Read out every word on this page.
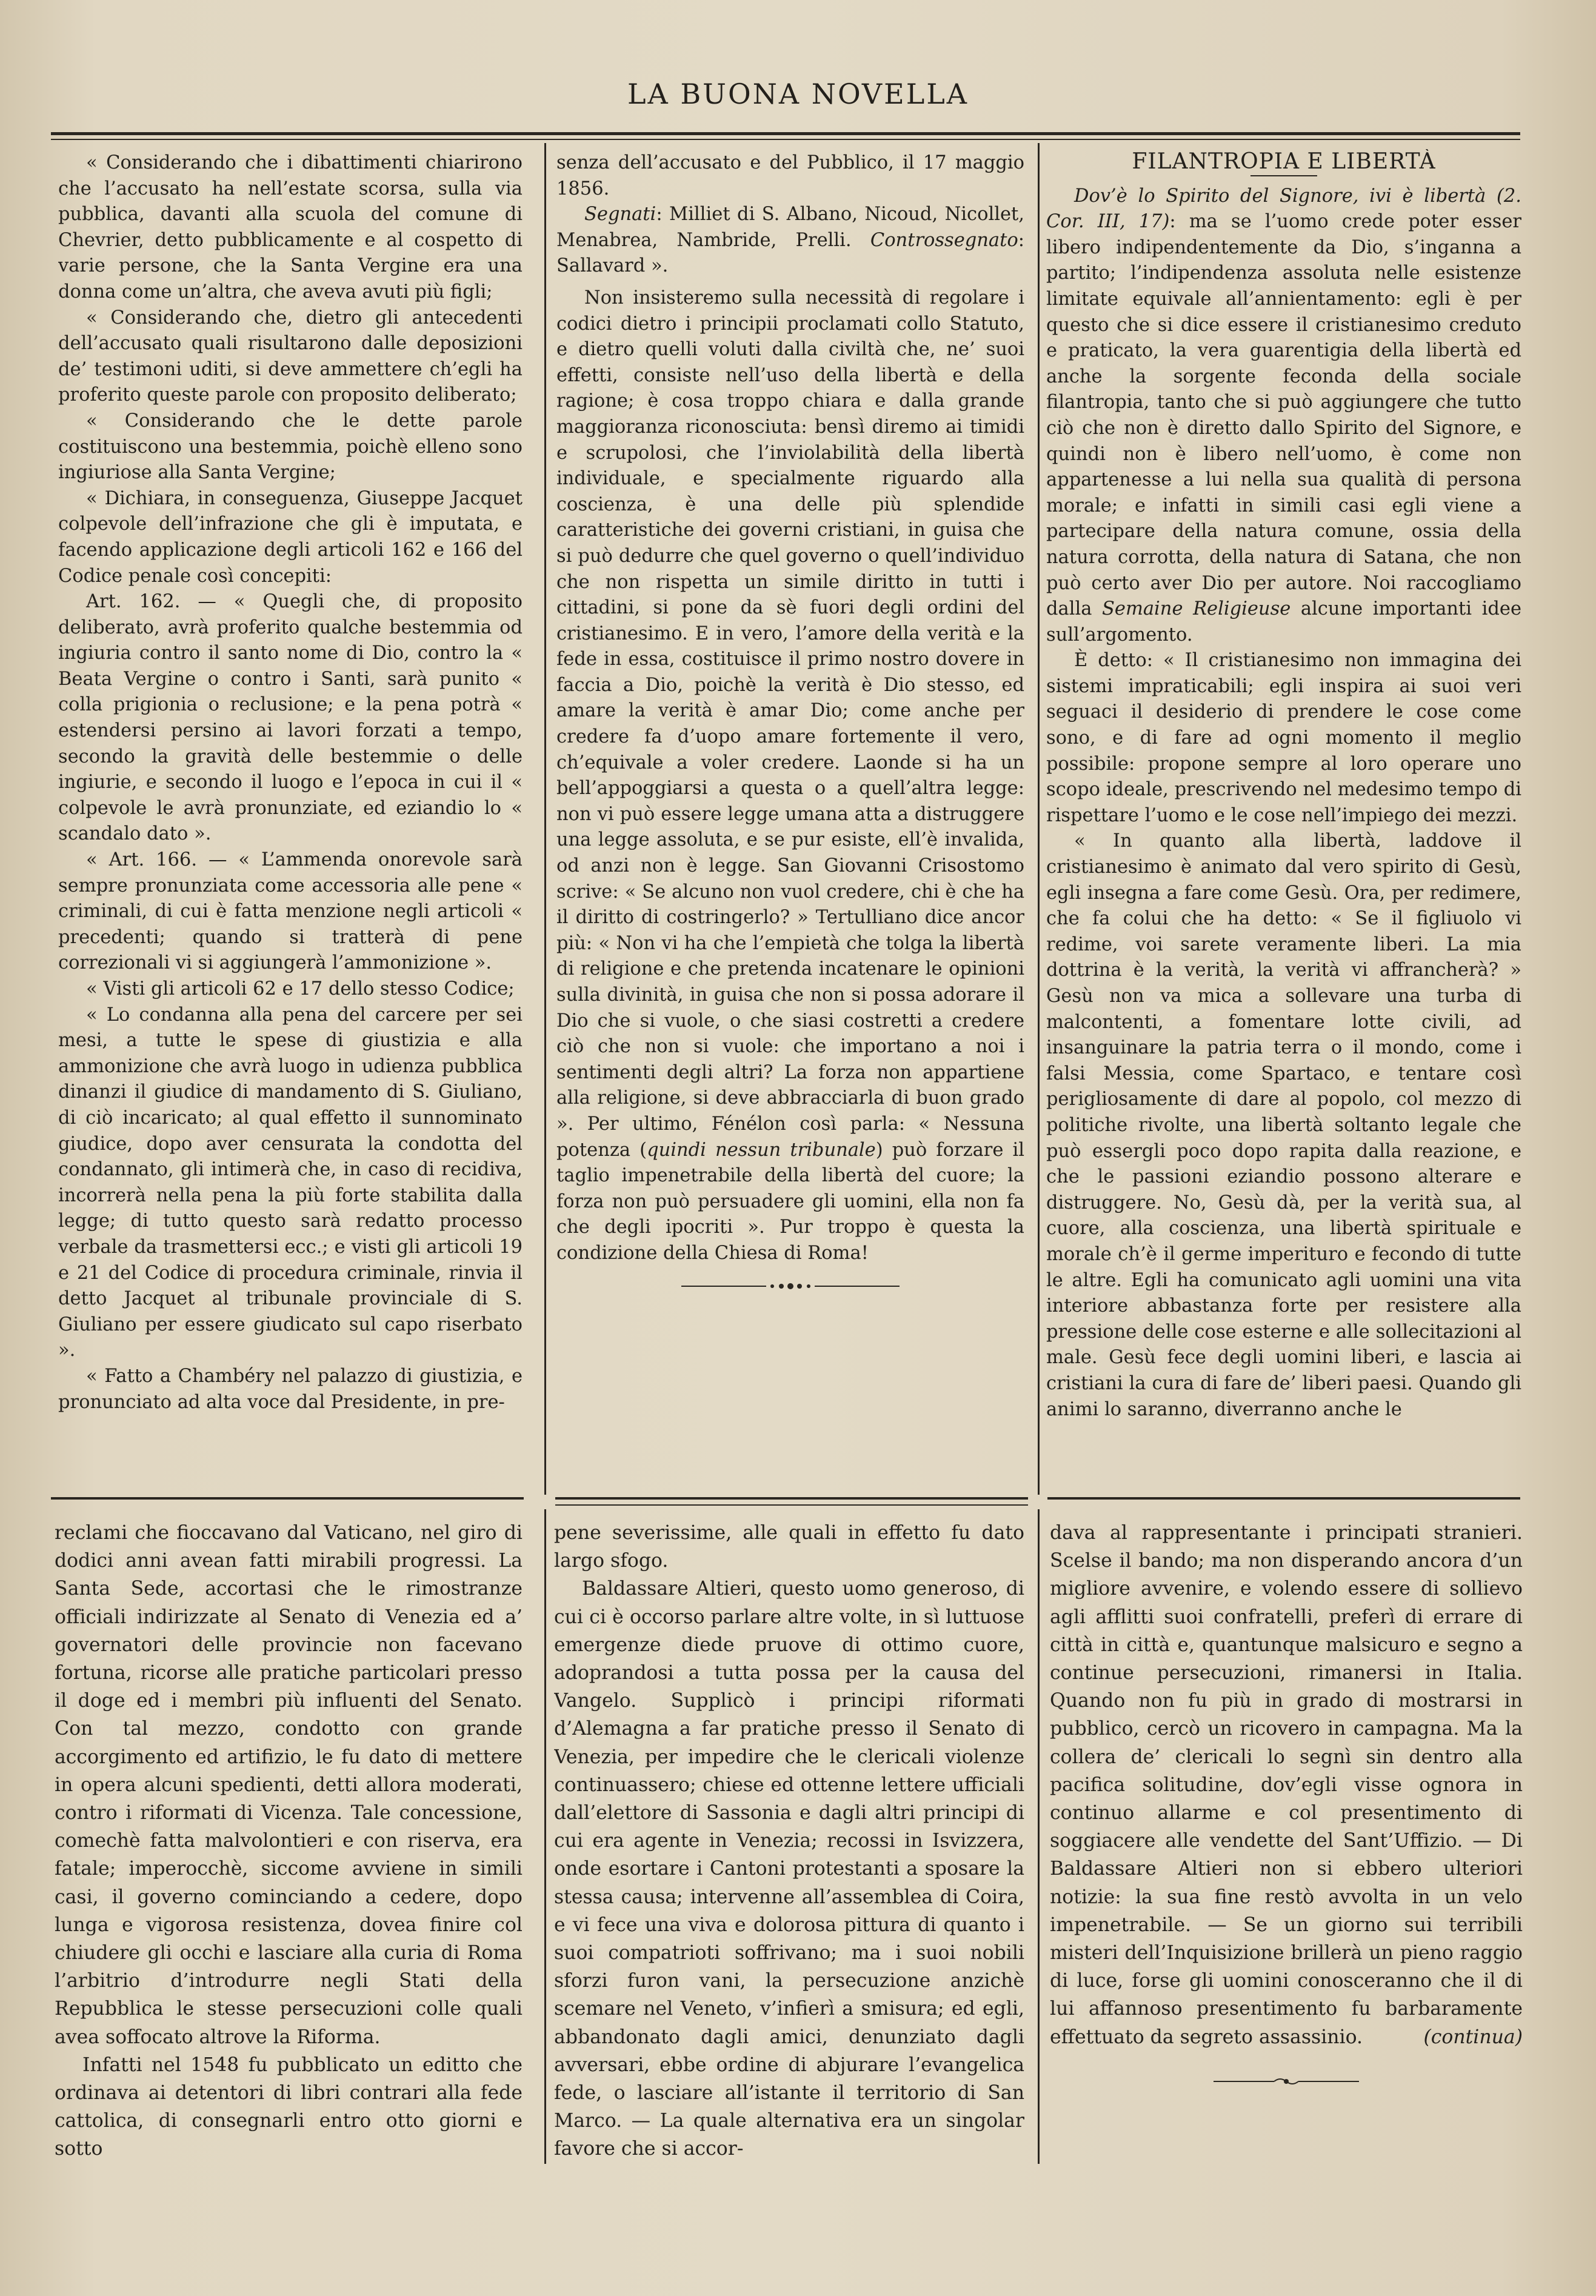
LA BUONA NOVELLA

« Considerando che i dibattimenti chiarirono che l’accusato ha nell’estate scorsa, sulla via pubblica, davanti alla scuola del comune di Chevrier, detto pubblicamente e al cospetto di varie persone, che la Santa Vergine era una donna come un’altra, che aveva avuti più figli;

« Considerando che, dietro gli antecedenti dell’accusato quali risultarono dalle deposizioni de’ testimoni uditi, si deve ammettere ch’egli ha proferito queste parole con proposito deliberato;

« Considerando che le dette parole costituiscono una bestemmia, poichè elleno sono ingiuriose alla Santa Vergine;

« Dichiara, in conseguenza, Giuseppe Jacquet colpevole dell’infrazione che gli è imputata, e facendo applicazione degli articoli 162 e 166 del Codice penale così concepiti:

Art. 162. — « Quegli che, di proposito deliberato, avrà proferito qualche bestemmia od ingiuria contro il santo nome di Dio, contro la « Beata Vergine o contro i Santi, sarà punito « colla prigionia o reclusione; e la pena potrà « estendersi persino ai lavori forzati a tempo, secondo la gravità delle bestemmie o delle ingiurie, e secondo il luogo e l’epoca in cui il « colpevole le avrà pronunziate, ed eziandio lo « scandalo dato ».

« Art. 166. — « L’ammenda onorevole sarà sempre pronunziata come accessoria alle pene « criminali, di cui è fatta menzione negli articoli « precedenti; quando si tratterà di pene correzionali vi si aggiungerà l’ammonizione ».

« Visti gli articoli 62 e 17 dello stesso Codice;

« Lo condanna alla pena del carcere per sei mesi, a tutte le spese di giustizia e alla ammonizione che avrà luogo in udienza pubblica dinanzi il giudice di mandamento di S. Giuliano, di ciò incaricato; al qual effetto il sunnominato giudice, dopo aver censurata la condotta del condannato, gli intimerà che, in caso di recidiva, incorrerà nella pena la più forte stabilita dalla legge; di tutto questo sarà redatto processo verbale da trasmettersi ecc.; e visti gli articoli 19 e 21 del Codice di procedura criminale, rinvia il detto Jacquet al tribunale provinciale di S. Giuliano per essere giudicato sul capo riserbato ».

« Fatto a Chambéry nel palazzo di giustizia, e pronunciato ad alta voce dal Presidente, in pre-

senza dell’accusato e del Pubblico, il 17 maggio 1856.

Segnati: Milliet di S. Albano, Nicoud, Nicollet, Menabrea, Nambride, Prelli. Controssegnato: Sallavard ».

Non insisteremo sulla necessità di regolare i codici dietro i principii proclamati collo Statuto, e dietro quelli voluti dalla civiltà che, ne’ suoi effetti, consiste nell’uso della libertà e della ragione; è cosa troppo chiara e dalla grande maggioranza riconosciuta: bensì diremo ai timidi e scrupolosi, che l’inviolabilità della libertà individuale, e specialmente riguardo alla coscienza, è una delle più splendide caratteristiche dei governi cristiani, in guisa che si può dedurre che quel governo o quell’individuo che non rispetta un simile diritto in tutti i cittadini, si pone da sè fuori degli ordini del cristianesimo. E in vero, l’amore della verità e la fede in essa, costituisce il primo nostro dovere in faccia a Dio, poichè la verità è Dio stesso, ed amare la verità è amar Dio; come anche per credere fa d’uopo amare fortemente il vero, ch’equivale a voler credere. Laonde si ha un bell’appoggiarsi a questa o a quell’altra legge: non vi può essere legge umana atta a distruggere una legge assoluta, e se pur esiste, ell’è invalida, od anzi non è legge. San Giovanni Crisostomo scrive: « Se alcuno non vuol credere, chi è che ha il diritto di costringerlo? » Tertulliano dice ancor più: « Non vi ha che l’empietà che tolga la libertà di religione e che pretenda incatenare le opinioni sulla divinità, in guisa che non si possa adorare il Dio che si vuole, o che siasi costretti a credere ciò che non si vuole: che importano a noi i sentimenti degli altri? La forza non appartiene alla religione, si deve abbracciarla di buon grado ». Per ultimo, Fénélon così parla: « Nessuna potenza (quindi nessun tribunale) può forzare il taglio impenetrabile della libertà del cuore; la forza non può persuadere gli uomini, ella non fa che degli ipocriti ». Pur troppo è questa la condizione della Chiesa di Roma!

FILANTROPIA E LIBERTÀ

Dov’è lo Spirito del Signore, ivi è libertà (2. Cor. III, 17): ma se l’uomo crede poter esser libero indipendentemente da Dio, s’inganna a partito; l’indipendenza assoluta nelle esistenze limitate equivale all’annientamento: egli è per questo che si dice essere il cristianesimo creduto e praticato, la vera guarentigia della libertà ed anche la sorgente feconda della sociale filantropia, tanto che si può aggiungere che tutto ciò che non è diretto dallo Spirito del Signore, e quindi non è libero nell’uomo, è come non appartenesse a lui nella sua qualità di persona morale; e infatti in simili casi egli viene a partecipare della natura comune, ossia della natura corrotta, della natura di Satana, che non può certo aver Dio per autore. Noi raccogliamo dalla Semaine Religieuse alcune importanti idee sull’argomento.

È detto: « Il cristianesimo non immagina dei sistemi impraticabili; egli inspira ai suoi veri seguaci il desiderio di prendere le cose come sono, e di fare ad ogni momento il meglio possibile: propone sempre al loro operare uno scopo ideale, prescrivendo nel medesimo tempo di rispettare l’uomo e le cose nell’impiego dei mezzi.

« In quanto alla libertà, laddove il cristianesimo è animato dal vero spirito di Gesù, egli insegna a fare come Gesù. Ora, per redimere, che fa colui che ha detto: « Se il figliuolo vi redime, voi sarete veramente liberi. La mia dottrina è la verità, la verità vi affrancherà? » Gesù non va mica a sollevare una turba di malcontenti, a fomentare lotte civili, ad insanguinare la patria terra o il mondo, come i falsi Messia, come Spartaco, e tentare così perigliosamente di dare al popolo, col mezzo di politiche rivolte, una libertà soltanto legale che può essergli poco dopo rapita dalla reazione, e che le passioni eziandio possono alterare e distruggere. No, Gesù dà, per la verità sua, al cuore, alla coscienza, una libertà spirituale e morale ch’è il germe imperituro e fecondo di tutte le altre. Egli ha comunicato agli uomini una vita interiore abbastanza forte per resistere alla pressione delle cose esterne e alle sollecitazioni al male. Gesù fece degli uomini liberi, e lascia ai cristiani la cura di fare de’ liberi paesi. Quando gli animi lo saranno, diverranno anche le

reclami che fioccavano dal Vaticano, nel giro di dodici anni avean fatti mirabili progressi. La Santa Sede, accortasi che le rimostranze officiali indirizzate al Senato di Venezia ed a’ governatori delle provincie non facevano fortuna, ricorse alle pratiche particolari presso il doge ed i membri più influenti del Senato. Con tal mezzo, condotto con grande accorgimento ed artifizio, le fu dato di mettere in opera alcuni spedienti, detti allora moderati, contro i riformati di Vicenza. Tale concessione, comechè fatta malvolontieri e con riserva, era fatale; imperocchè, siccome avviene in simili casi, il governo cominciando a cedere, dopo lunga e vigorosa resistenza, dovea finire col chiudere gli occhi e lasciare alla curia di Roma l’arbitrio d’introdurre negli Stati della Repubblica le stesse persecuzioni colle quali avea soffocato altrove la Riforma.

Infatti nel 1548 fu pubblicato un editto che ordinava ai detentori di libri contrari alla fede cattolica, di consegnarli entro otto giorni e sotto

pene severissime, alle quali in effetto fu dato largo sfogo.

Baldassare Altieri, questo uomo generoso, di cui ci è occorso parlare altre volte, in sì luttuose emergenze diede pruove di ottimo cuore, adoprandosi a tutta possa per la causa del Vangelo. Supplicò i principi riformati d’Alemagna a far pratiche presso il Senato di Venezia, per impedire che le clericali violenze continuassero; chiese ed ottenne lettere ufficiali dall’elettore di Sassonia e dagli altri principi di cui era agente in Venezia; recossi in Isvizzera, onde esortare i Cantoni protestanti a sposare la stessa causa; intervenne all’assemblea di Coira, e vi fece una viva e dolorosa pittura di quanto i suoi compatrioti soffrivano; ma i suoi nobili sforzi furon vani, la persecuzione anzichè scemare nel Veneto, v’infierì a smisura; ed egli, abbandonato dagli amici, denunziato dagli avversari, ebbe ordine di abjurare l’evangelica fede, o lasciare all’istante il territorio di San Marco. — La quale alternativa era un singolar favore che si accor-

dava al rappresentante i principati stranieri. Scelse il bando; ma non disperando ancora d’un migliore avvenire, e volendo essere di sollievo agli afflitti suoi confratelli, preferì di errare di città in città e, quantunque malsicuro e segno a continue persecuzioni, rimanersi in Italia. Quando non fu più in grado di mostrarsi in pubblico, cercò un ricovero in campagna. Ma la collera de’ clericali lo segnì sin dentro alla pacifica solitudine, dov’egli visse ognora in continuo allarme e col presentimento di soggiacere alle vendette del Sant’Uffizio. — Di Baldassare Altieri non si ebbero ulteriori notizie: la sua fine restò avvolta in un velo impenetrabile. — Se un giorno sui terribili misteri dell’Inquisizione brillerà un pieno raggio di luce, forse gli uomini conosceranno che il di lui affannoso presentimento fu barbaramente effettuato da segreto assassinio.	(continua)
